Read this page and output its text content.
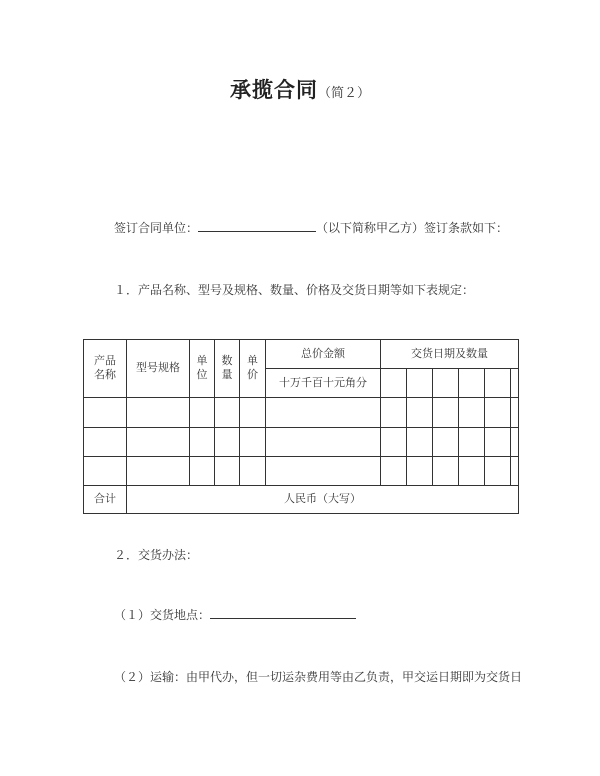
承揽合同（简２）
签订合同单位：	（以下简称甲乙方）签订条款如下：
１．产品名称、型号及规格、数量、价格及交货日期等如下表规定：
产品名称	型号规格	单位	数量	单价	总价金额	交货日期及数量					
					十万千百十元角分						

合计	人民币（大写）										
２．交货办法：
（１）交货地点：
（２）运输：由甲代办，但一切运杂费用等由乙负责，甲交运日期即为交货日
